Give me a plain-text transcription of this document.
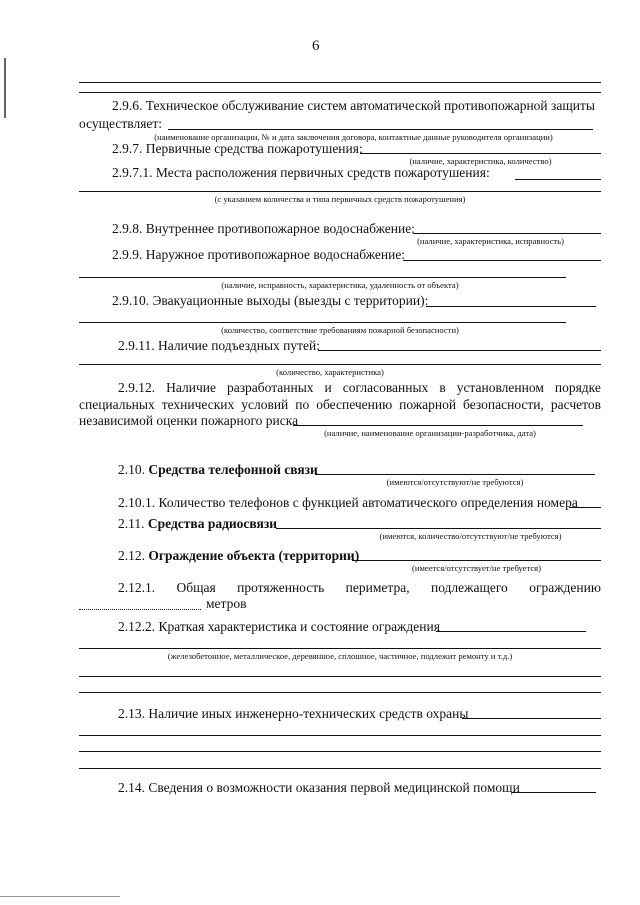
6
2.9.6. Техническое обслуживание систем автоматической противопожарной защиты
осуществляет:
(наименование организации, № и дата заключения договора, контактные данные руководителя организации)
2.9.7. Первичные средства пожаротушения:
(наличие, характеристика, количество)
2.9.7.1. Места расположения первичных средств пожаротушения:
(с указанием количества и типа первичных средств пожаротушения)
2.9.8. Внутреннее противопожарное водоснабжение:
(наличие, характеристика, исправность)
2.9.9. Наружное противопожарное водоснабжение:
(наличие, исправность, характеристика, удаленность от объекта)
2.9.10. Эвакуационные выходы (выезды с территории):
(количество, соответствие требованиям пожарной безопасности)
2.9.11. Наличие подъездных путей:
(количество, характеристика)
2.9.12. Наличие разработанных и согласованных в установленном порядке
специальных технических условий по обеспечению пожарной безопасности, расчетов
независимой оценки пожарного риска
(наличие, наименование организации-разработчика, дата)
2.10. Средства телефонной связи
(имеются/отсутствуют/не требуются)
2.10.1. Количество телефонов с функцией автоматического определения номера
2.11. Средства радиосвязи
(имеются, количество/отсутствуют/не требуются)
2.12. Ограждение объекта (территории)
(имеется/отсутствует/не требуется)
2.12.1. Общая протяженность периметра, подлежащего ограждению
метров
2.12.2. Краткая характеристика и состояние ограждения
(железобетонное, металлическое, деревянное, сплошное, частичное, подлежит ремонту и т.д.)
2.13. Наличие иных инженерно-технических средств охраны
2.14. Сведения о возможности оказания первой медицинской помощи
